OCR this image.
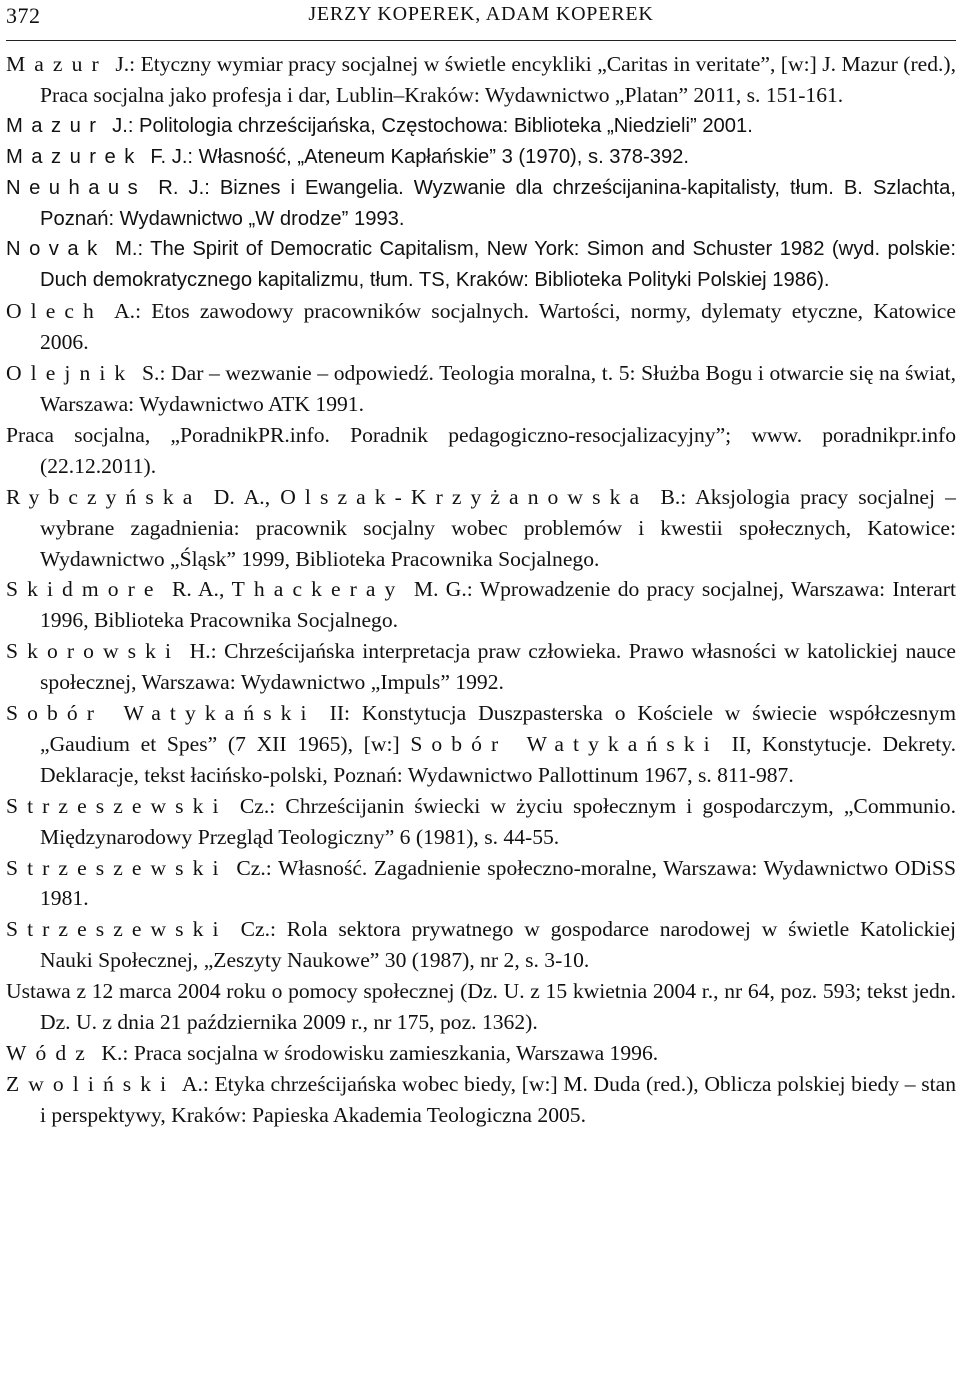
372	JERZY KOPEREK, ADAM KOPEREK

Mazur J.: Etyczny wymiar pracy socjalnej w świetle encykliki „Caritas in veritate”, [w:] J. Mazur (red.), Praca socjalna jako profesja i dar, Lublin–Kraków: Wydawnictwo „Platan” 2011, s. 151-161.

Mazur J.: Politologia chrześcijańska, Częstochowa: Biblioteka „Niedzieli” 2001.

Mazurek F. J.: Własność, „Ateneum Kapłańskie” 3 (1970), s. 378-392.

Neuhaus R. J.: Biznes i Ewangelia. Wyzwanie dla chrześcijanina-kapitalisty, tłum. B. Szlachta, Poznań: Wydawnictwo „W drodze” 1993.

Novak M.: The Spirit of Democratic Capitalism, New York: Simon and Schuster 1982 (wyd. polskie: Duch demokratycznego kapitalizmu, tłum. TS, Kraków: Biblioteka Polityki Polskiej 1986).

Olech A.: Etos zawodowy pracowników socjalnych. Wartości, normy, dylematy etyczne, Katowice 2006.

Olejnik S.: Dar – wezwanie – odpowiedź. Teologia moralna, t. 5: Służba Bogu i otwarcie się na świat, Warszawa: Wydawnictwo ATK 1991.

Praca socjalna, „PoradnikPR.info. Poradnik pedagogiczno-resocjalizacyjny”; www. poradnikpr.info (22.12.2011).

Rybczyńska D. A., Olszak-Krzyżanowska B.: Aksjologia pracy socjalnej – wybrane zagadnienia: pracownik socjalny wobec problemów i kwestii społecznych, Katowice: Wydawnictwo „Śląsk” 1999, Biblioteka Pracownika Socjalnego.

Skidmore R. A., Thackeray M. G.: Wprowadzenie do pracy socjalnej, Warszawa: Interart 1996, Biblioteka Pracownika Socjalnego.

Skorowski H.: Chrześcijańska interpretacja praw człowieka. Prawo własności w katolickiej nauce społecznej, Warszawa: Wydawnictwo „Impuls” 1992.

Sobór Watykański II: Konstytucja Duszpasterska o Kościele w świecie współczesnym „Gaudium et Spes” (7 XII 1965), [w:] Sobór Watykański II, Konstytucje. Dekrety. Deklaracje, tekst łacińsko-polski, Poznań: Wydawnictwo Pallottinum 1967, s. 811-987.

Strzeszewski Cz.: Chrześcijanin świecki w życiu społecznym i gospodarczym, „Communio. Międzynarodowy Przegląd Teologiczny” 6 (1981), s. 44-55.

Strzeszewski Cz.: Własność. Zagadnienie społeczno-moralne, Warszawa: Wydawnictwo ODiSS 1981.

Strzeszewski Cz.: Rola sektora prywatnego w gospodarce narodowej w świetle Katolickiej Nauki Społecznej, „Zeszyty Naukowe” 30 (1987), nr 2, s. 3-10.

Ustawa z 12 marca 2004 roku o pomocy społecznej (Dz. U. z 15 kwietnia 2004 r., nr 64, poz. 593; tekst jedn. Dz. U. z dnia 21 października 2009 r., nr 175, poz. 1362).

Wódz K.: Praca socjalna w środowisku zamieszkania, Warszawa 1996.

Zwoliński A.: Etyka chrześcijańska wobec biedy, [w:] M. Duda (red.), Oblicza polskiej biedy – stan i perspektywy, Kraków: Papieska Akademia Teologiczna 2005.
